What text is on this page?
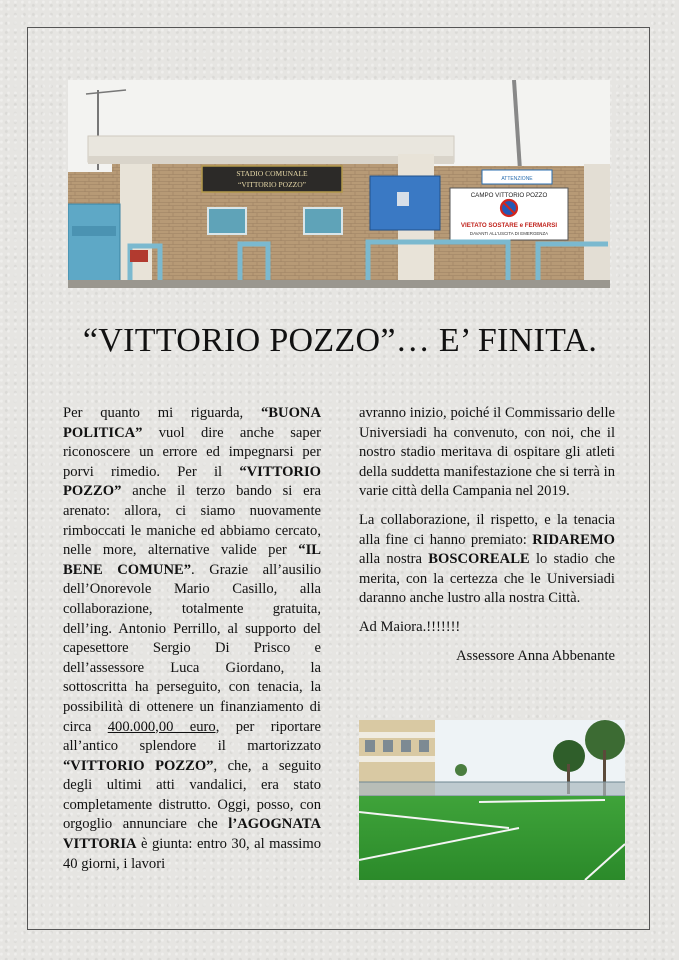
STADIO COMUNALE
“VITTORIO POZZO”
ATTENZIONE
CAMPO VITTORIO POZZO
VIETATO SOSTARE e FERMARSI
DAVANTI ALL'USCITA DI EMERGENZA
“VITTORIO POZZO”… E’ FINITA.

Per quanto mi riguarda, “BUONA POLITICA” vuol dire anche saper riconoscere un errore ed impegnarsi per porvi rimedio. Per il “VITTORIO POZZO” anche il terzo bando si era arenato: allora, ci siamo nuovamente rimboccati le maniche ed abbiamo cercato, nelle more, alternative valide per “IL BENE COMUNE”. Grazie all’ausilio dell’Onorevole Mario Casillo, alla collaborazione, totalmente gratuita, dell’ing. Antonio Perrillo, al supporto del capesettore Sergio Di Prisco e dell’assessore Luca Giordano, la sottoscritta ha perseguito, con tenacia, la possibilità di ottenere un finanziamento di circa 400.000,00 euro, per riportare all’antico splendore il martorizzato “VITTORIO POZZO”, che, a seguito degli ultimi atti vandalici, era stato completamente distrutto. Oggi, posso, con orgoglio annunciare che l’AGOGNATA VITTORIA è giunta: entro 30, al massimo 40 giorni, i lavori

avranno inizio, poiché il Commissario delle Universiadi ha convenuto, con noi, che il nostro stadio meritava di ospitare gli atleti della suddetta manifestazione che si terrà in varie città della Campania nel 2019.

La collaborazione, il rispetto, e la tenacia alla fine ci hanno premiato: RIDAREMO alla nostra BOSCOREALE lo stadio che merita, con la certezza che le Universiadi daranno anche lustro alla nostra Città.

Ad Maiora.!!!!!!!

Assessore Anna Abbenante
